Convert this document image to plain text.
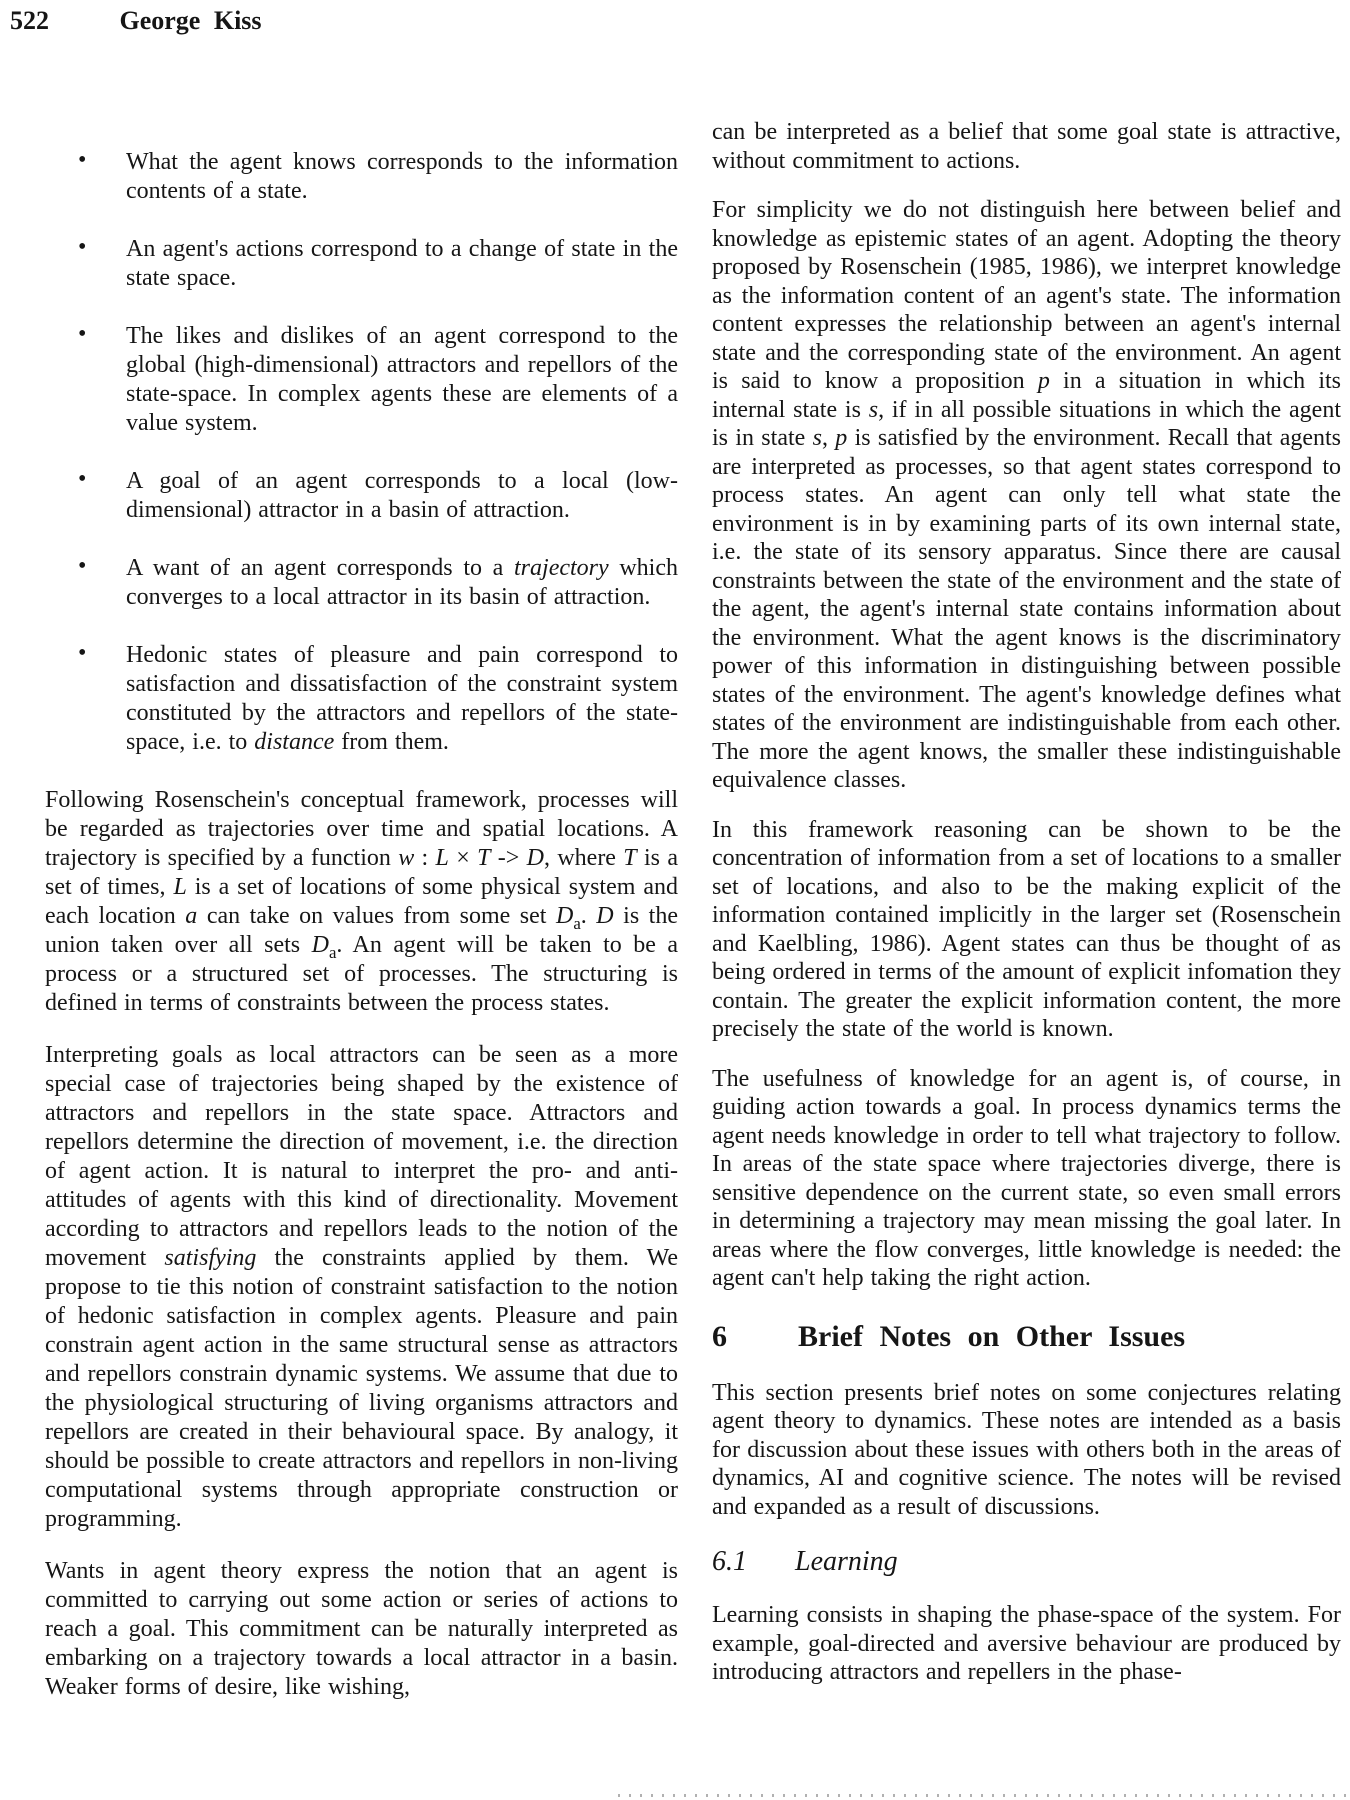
522	George Kiss
• What the agent knows corresponds to the information contents of a state.
• An agent's actions correspond to a change of state in the state space.
• The likes and dislikes of an agent correspond to the global (high-dimensional) attractors and repellors of the state-space. In complex agents these are elements of a value system.
• A goal of an agent corresponds to a local (low-dimensional) attractor in a basin of attraction.
• A want of an agent corresponds to a trajectory which converges to a local attractor in its basin of attraction.
• Hedonic states of pleasure and pain correspond to satisfaction and dissatisfaction of the constraint system constituted by the attractors and repellors of the state-space, i.e. to distance from them.

Following Rosenschein's conceptual framework, processes will be regarded as trajectories over time and spatial locations. A trajectory is specified by a function w : L × T -> D, where T is a set of times, L is a set of locations of some physical system and each location a can take on values from some set $D_a$. D is the union taken over all sets $D_a$. An agent will be taken to be a process or a structured set of processes. The structuring is defined in terms of constraints between the process states.

Interpreting goals as local attractors can be seen as a more special case of trajectories being shaped by the existence of attractors and repellors in the state space. Attractors and repellors determine the direction of movement, i.e. the direction of agent action. It is natural to interpret the pro- and anti-attitudes of agents with this kind of directionality. Movement according to attractors and repellors leads to the notion of the movement satisfying the constraints applied by them. We propose to tie this notion of constraint satisfaction to the notion of hedonic satisfaction in complex agents. Pleasure and pain constrain agent action in the same structural sense as attractors and repellors constrain dynamic systems. We assume that due to the physiological structuring of living organisms attractors and repellors are created in their behavioural space. By analogy, it should be possible to create attractors and repellors in non-living computational systems through appropriate construction or programming.

Wants in agent theory express the notion that an agent is committed to carrying out some action or series of actions to reach a goal. This commitment can be naturally interpreted as embarking on a trajectory towards a local attractor in a basin. Weaker forms of desire, like wishing,

can be interpreted as a belief that some goal state is attractive, without commitment to actions.

For simplicity we do not distinguish here between belief and knowledge as epistemic states of an agent. Adopting the theory proposed by Rosenschein (1985, 1986), we interpret knowledge as the information content of an agent's state. The information content expresses the relationship between an agent's internal state and the corresponding state of the environment. An agent is said to know a proposition p in a situation in which its internal state is s, if in all possible situations in which the agent is in state s, p is satisfied by the environment. Recall that agents are interpreted as processes, so that agent states correspond to process states. An agent can only tell what state the environment is in by examining parts of its own internal state, i.e. the state of its sensory apparatus. Since there are causal constraints between the state of the environment and the state of the agent, the agent's internal state contains information about the environment. What the agent knows is the discriminatory power of this information in distinguishing between possible states of the environment. The agent's knowledge defines what states of the environment are indistinguishable from each other. The more the agent knows, the smaller these indistinguishable equivalence classes.

In this framework reasoning can be shown to be the concentration of information from a set of locations to a smaller set of locations, and also to be the making explicit of the information contained implicitly in the larger set (Rosenschein and Kaelbling, 1986). Agent states can thus be thought of as being ordered in terms of the amount of explicit infomation they contain. The greater the explicit information content, the more precisely the state of the world is known.

The usefulness of knowledge for an agent is, of course, in guiding action towards a goal. In process dynamics terms the agent needs knowledge in order to tell what trajectory to follow. In areas of the state space where trajectories diverge, there is sensitive dependence on the current state, so even small errors in determining a trajectory may mean missing the goal later. In areas where the flow converges, little knowledge is needed: the agent can't help taking the right action.

6	Brief Notes on Other Issues

This section presents brief notes on some conjectures relating agent theory to dynamics. These notes are intended as a basis for discussion about these issues with others both in the areas of dynamics, AI and cognitive science. The notes will be revised and expanded as a result of discussions.

6.1	Learning

Learning consists in shaping the phase-space of the system. For example, goal-directed and aversive behaviour are produced by introducing attractors and repellers in the phase-
